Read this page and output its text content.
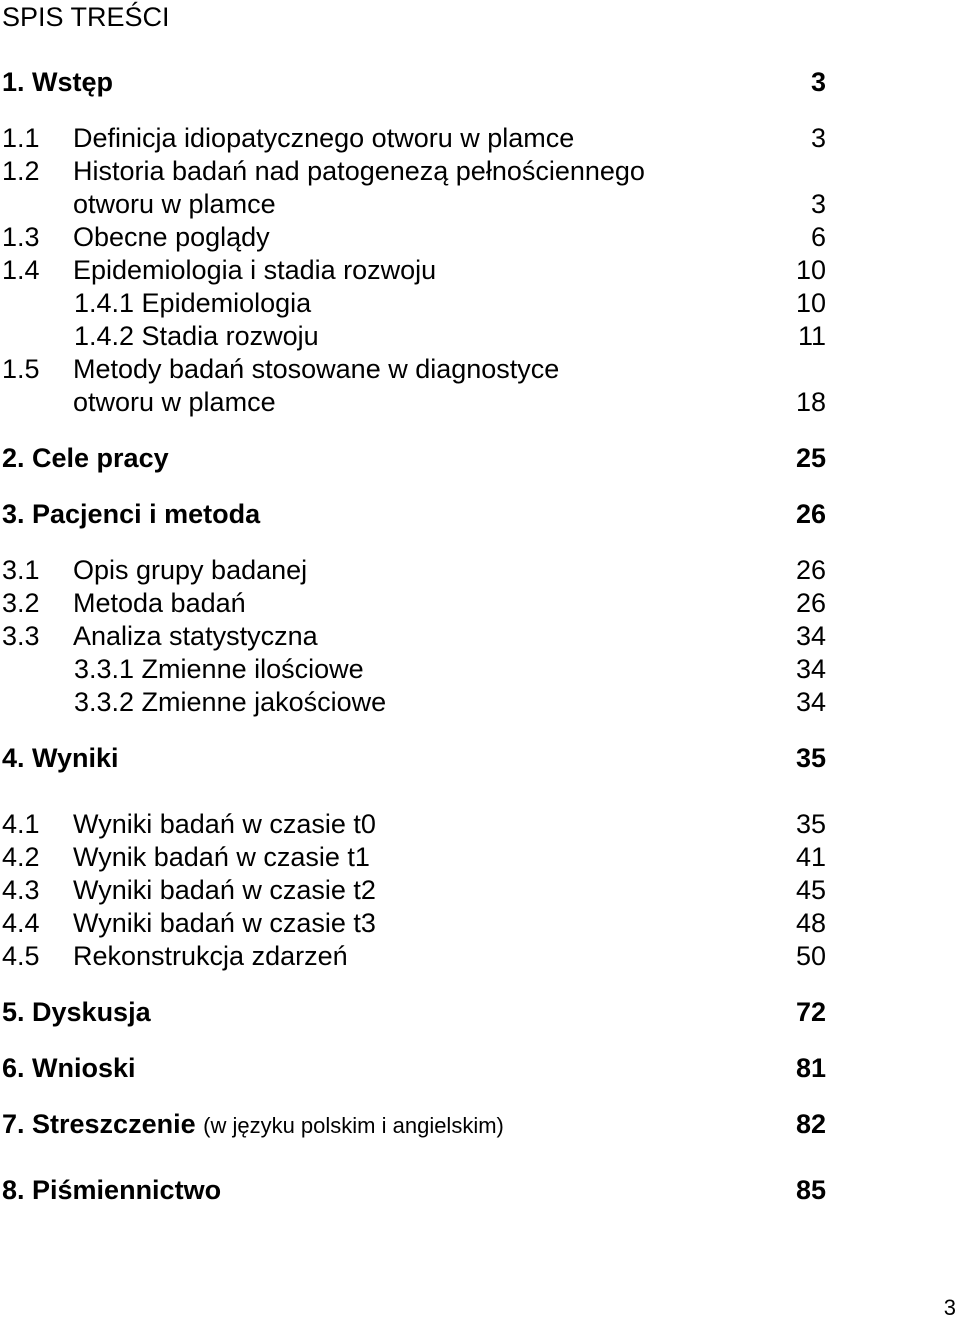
SPIS TREŚCI
1. Wstęp	3
1.1 Definicja idiopatycznego otworu w plamce	3
1.2 Historia badań nad patogenezą pełnościennego
otworu w plamce	3
1.3 Obecne poglądy	6
1.4 Epidemiologia i stadia rozwoju	10
1.4.1 Epidemiologia	10
1.4.2 Stadia rozwoju	11
1.5 Metody badań stosowane w diagnostyce
otworu w plamce	18
2. Cele pracy	25
3. Pacjenci i metoda	26
3.1 Opis grupy badanej	26
3.2 Metoda badań	26
3.3 Analiza statystyczna	34
3.3.1 Zmienne ilościowe	34
3.3.2 Zmienne jakościowe	34
4. Wyniki	35
4.1 Wyniki badań w czasie t0	35
4.2 Wynik badań w czasie t1	41
4.3 Wyniki badań w czasie t2	45
4.4 Wyniki badań w czasie t3	48
4.5 Rekonstrukcja zdarzeń	50
5. Dyskusja	72
6. Wnioski	81
7. Streszczenie (w języku polskim i angielskim)	82
8. Piśmiennictwo	85
3
